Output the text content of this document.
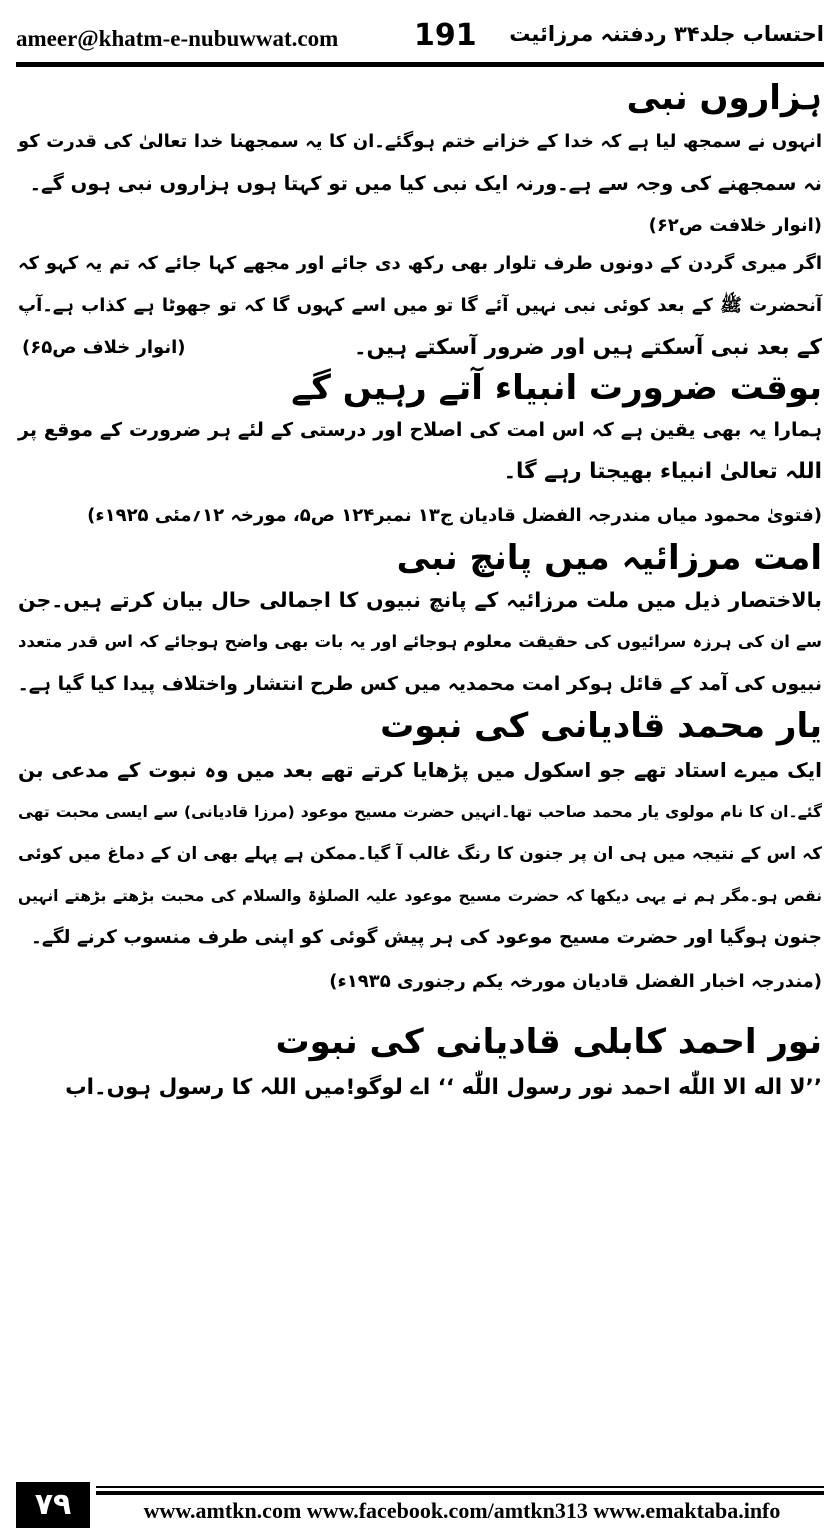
ameer@khatm-e-nubuwwat.com	191 احتساب جلد۳۴ ردفتنہ مرزائیت
ہزاروں نبی
انہوں نے سمجھ لیا ہے کہ خدا کے خزانے ختم ہوگئے۔ان کا یہ سمجھنا خدا تعالیٰ کی قدرت کو
نہ سمجھنے کی وجہ سے ہے۔ورنہ ایک نبی کیا میں تو کہتا ہوں ہزاروں نبی ہوں گے۔
(انوار خلافت ص۶۲)
اگر میری گردن کے دونوں طرف تلوار بھی رکھ دی جائے اور مجھے کہا جائے کہ تم یہ کہو کہ
آنحضرت ﷺ کے بعد کوئی نبی نہیں آئے گا تو میں اسے کہوں گا کہ تو جھوٹا ہے کذاب ہے۔آپ
کے بعد نبی آسکتے ہیں اور ضرور آسکتے ہیں۔
(انوار خلاف ص۶۵)
بوقت ضرورت انبیاء آتے رہیں گے
ہمارا یہ بھی یقین ہے کہ اس امت کی اصلاح اور درستی کے لئے ہر ضرورت کے موقع پر
اللہ تعالیٰ انبیاء بھیجتا رہے گا۔
(فتویٰ محمود میاں مندرجہ الفضل قادیان ج۱۳ نمبر۱۲۴ ص۵، مورخہ ۱۲؍مئی ۱۹۲۵ء)
امت مرزائیہ میں پانچ نبی
بالاختصار ذیل میں ملت مرزائیہ کے پانچ نبیوں کا اجمالی حال بیان کرتے ہیں۔جن
سے ان کی ہرزہ سرائیوں کی حقیقت معلوم ہوجائے اور یہ بات بھی واضح ہوجائے کہ اس قدر متعدد
نبیوں کی آمد کے قائل ہوکر امت محمدیہ میں کس طرح انتشار واختلاف پیدا کیا گیا ہے۔
یار محمد قادیانی کی نبوت
ایک میرے استاد تھے جو اسکول میں پڑھایا کرتے تھے بعد میں وہ نبوت کے مدعی بن
گئے۔ان کا نام مولوی یار محمد صاحب تھا۔انہیں حضرت مسیح موعود (مرزا قادیانی) سے ایسی محبت تھی
کہ اس کے نتیجہ میں ہی ان پر جنون کا رنگ غالب آ گیا۔ممکن ہے پہلے بھی ان کے دماغ میں کوئی
نقص ہو۔مگر ہم نے یہی دیکھا کہ حضرت مسیح موعود علیہ الصلوٰۃ والسلام کی محبت بڑھتے بڑھتے انہیں
جنون ہوگیا اور حضرت مسیح موعود کی ہر پیش گوئی کو اپنی طرف منسوب کرنے لگے۔
(مندرجہ اخبار الفضل قادیان مورخہ یکم رجنوری ۱۹۳۵ء)
نور احمد کابلی قادیانی کی نبوت
’’لا اله الا اللّٰه احمد نور رسول اللّٰه ‘‘ اے لوگو!میں اللہ کا رسول ہوں۔اب
۷۹	www.amtkn.com www.facebook.com/amtkn313 www.emaktaba.info
